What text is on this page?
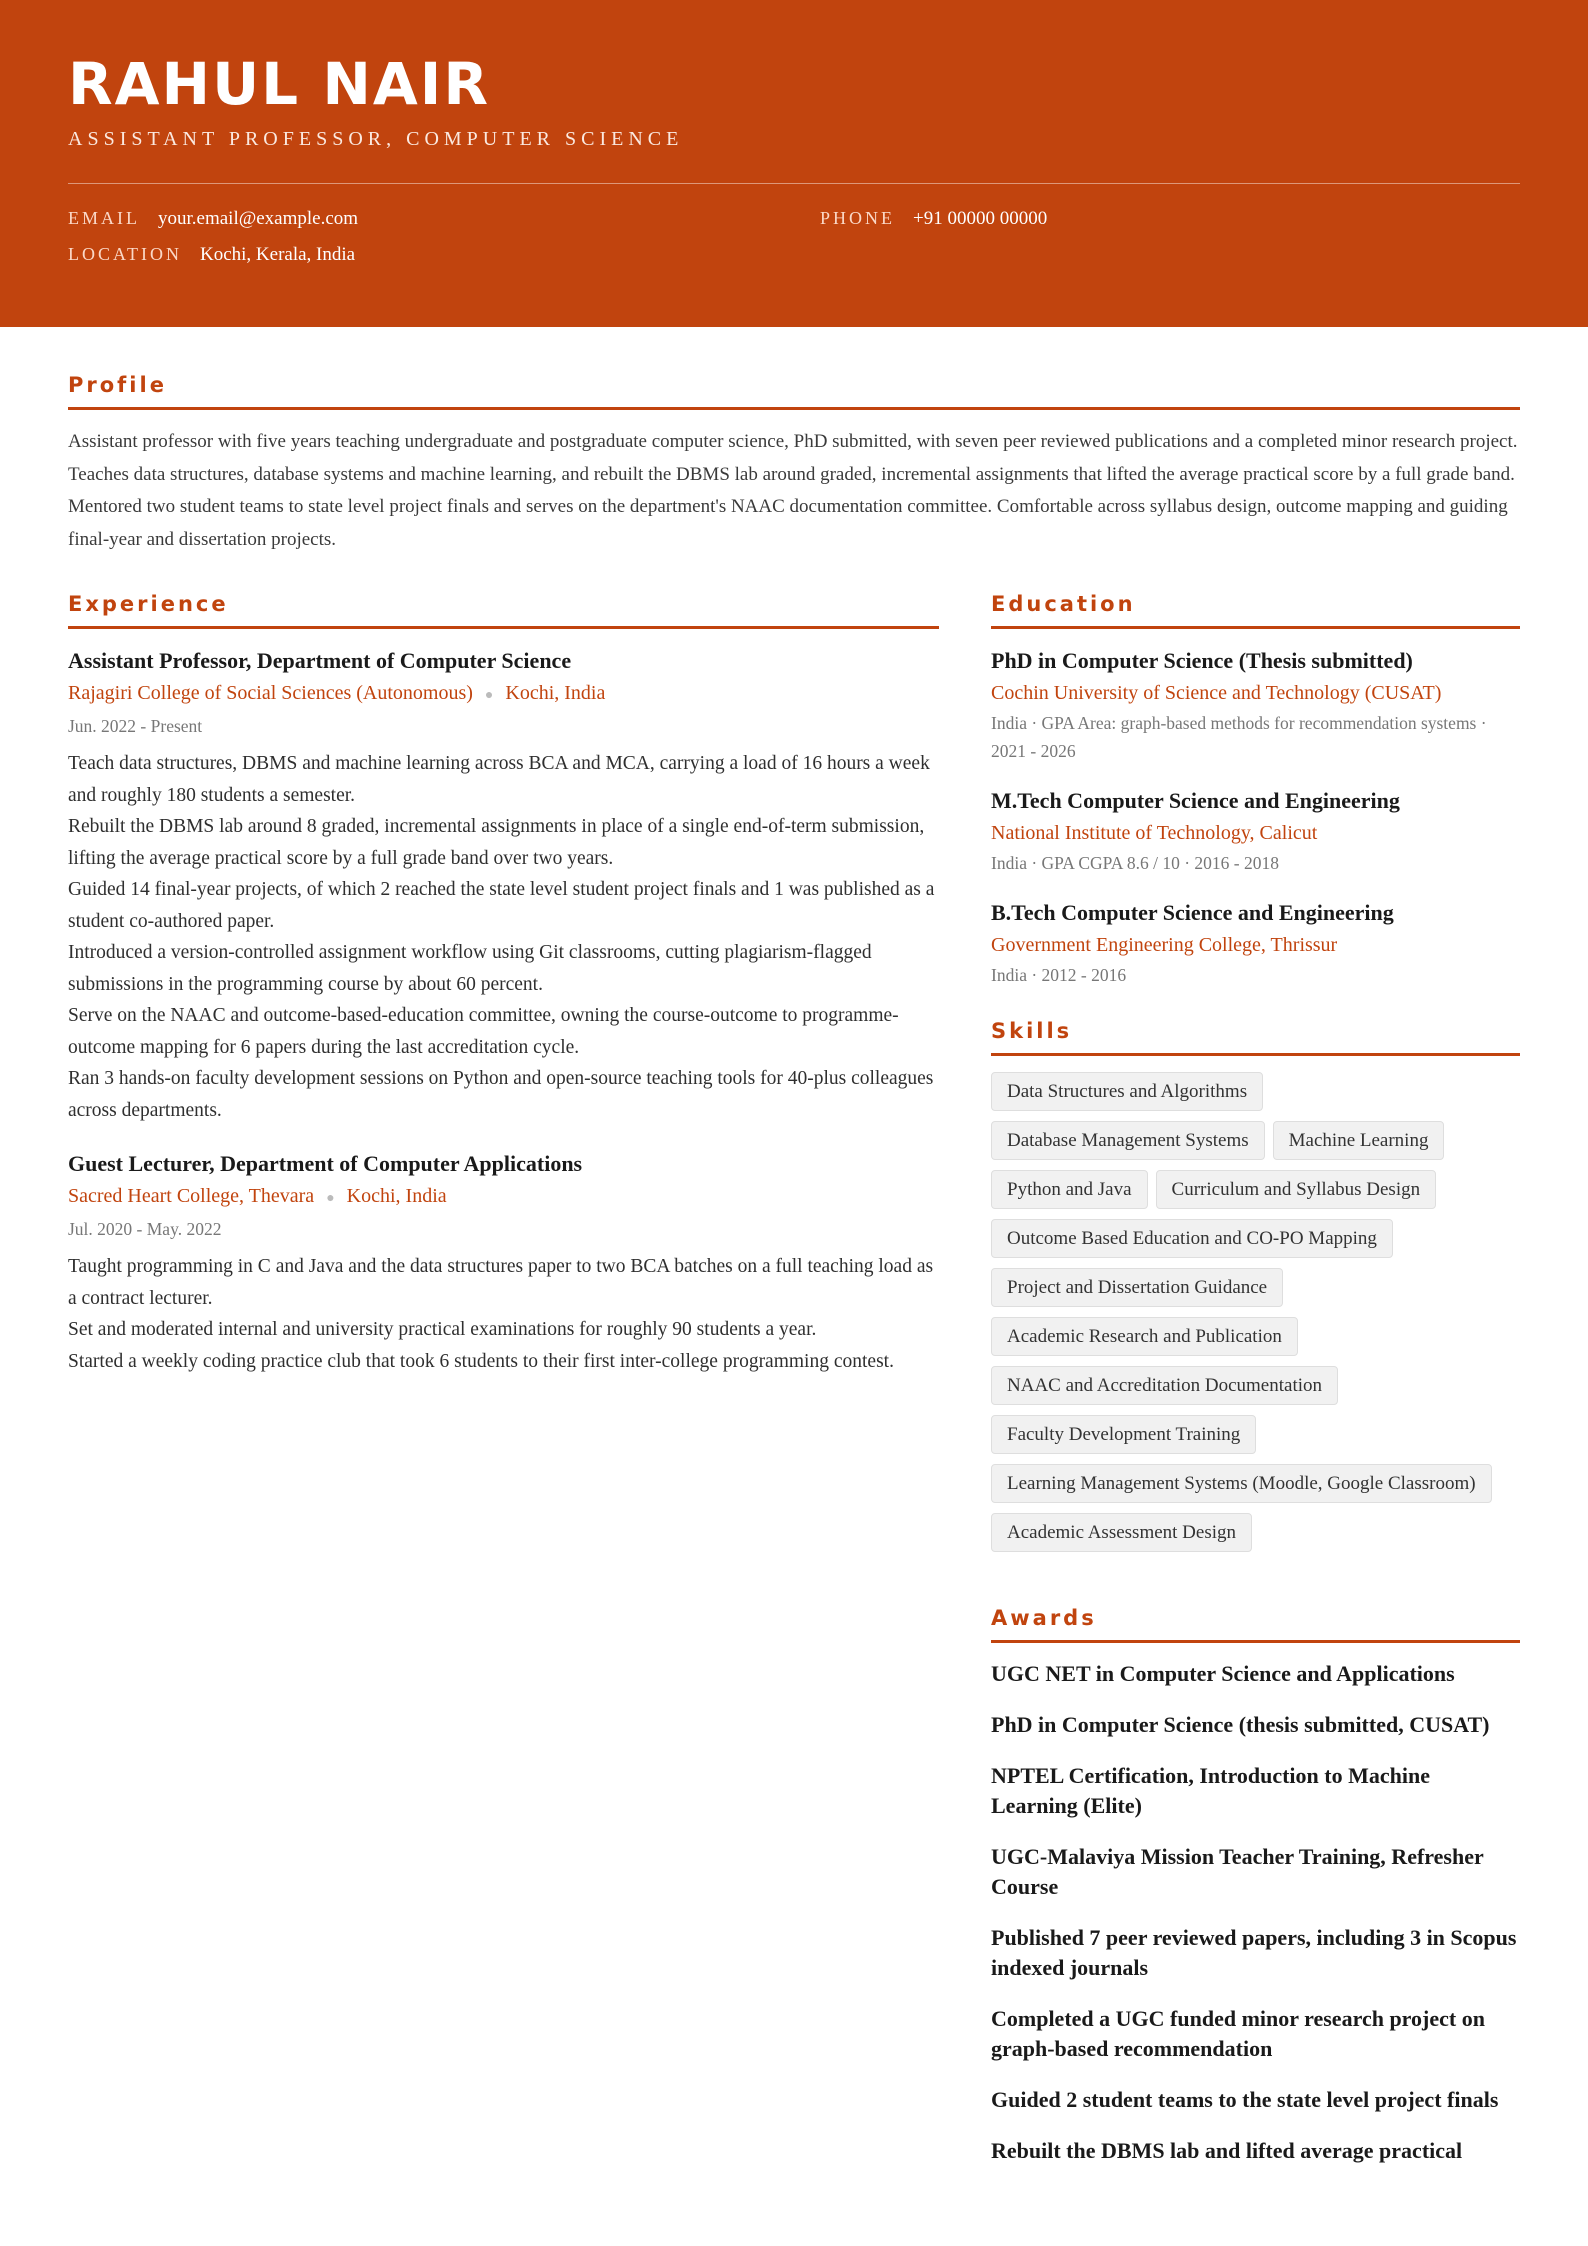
RAHUL NAIR
ASSISTANT PROFESSOR, COMPUTER SCIENCE
EMAIL your.email@example.com	PHONE +91 00000 00000
LOCATION Kochi, Kerala, India
Profile

Assistant professor with five years teaching undergraduate and postgraduate computer science, PhD submitted, with seven peer reviewed publications and a completed minor research project. Teaches data structures, database systems and machine learning, and rebuilt the DBMS lab around graded, incremental assignments that lifted the average practical score by a full grade band. Mentored two student teams to state level project finals and serves on the department's NAAC documentation committee. Comfortable across syllabus design, outcome mapping and guiding final-year and dissertation projects.

Experience
Assistant Professor, Department of Computer Science
Rajagiri College of Social Sciences (Autonomous) ● Kochi, India
Jun. 2022 - Present
Teach data structures, DBMS and machine learning across BCA and MCA, carrying a load of 16 hours a week and roughly 180 students a semester.
Rebuilt the DBMS lab around 8 graded, incremental assignments in place of a single end-of-term submission, lifting the average practical score by a full grade band over two years.
Guided 14 final-year projects, of which 2 reached the state level student project finals and 1 was published as a student co-authored paper.
Introduced a version-controlled assignment workflow using Git classrooms, cutting plagiarism-flagged submissions in the programming course by about 60 percent.
Serve on the NAAC and outcome-based-education committee, owning the course-outcome to programme-outcome mapping for 6 papers during the last accreditation cycle.
Ran 3 hands-on faculty development sessions on Python and open-source teaching tools for 40-plus colleagues across departments.
Guest Lecturer, Department of Computer Applications
Sacred Heart College, Thevara ● Kochi, India
Jul. 2020 - May. 2022
Taught programming in C and Java and the data structures paper to two BCA batches on a full teaching load as a contract lecturer.
Set and moderated internal and university practical examinations for roughly 90 students a year.
Started a weekly coding practice club that took 6 students to their first inter-college programming contest.
Education
PhD in Computer Science (Thesis submitted)
Cochin University of Science and Technology (CUSAT)
India · GPA Area: graph-based methods for recommendation systems · 2021 - 2026
M.Tech Computer Science and Engineering
National Institute of Technology, Calicut
India · GPA CGPA 8.6 / 10 · 2016 - 2018
B.Tech Computer Science and Engineering
Government Engineering College, Thrissur
India · 2012 - 2016
Skills
Data Structures and Algorithms
Database Management Systems	Machine Learning
Python and Java	Curriculum and Syllabus Design
Outcome Based Education and CO-PO Mapping
Project and Dissertation Guidance
Academic Research and Publication
NAAC and Accreditation Documentation
Faculty Development Training
Learning Management Systems (Moodle, Google Classroom)
Academic Assessment Design
Awards
UGC NET in Computer Science and Applications
PhD in Computer Science (thesis submitted, CUSAT)
NPTEL Certification, Introduction to Machine Learning (Elite)
UGC-Malaviya Mission Teacher Training, Refresher Course
Published 7 peer reviewed papers, including 3 in Scopus indexed journals
Completed a UGC funded minor research project on graph-based recommendation
Guided 2 student teams to the state level project finals
Rebuilt the DBMS lab and lifted average practical
